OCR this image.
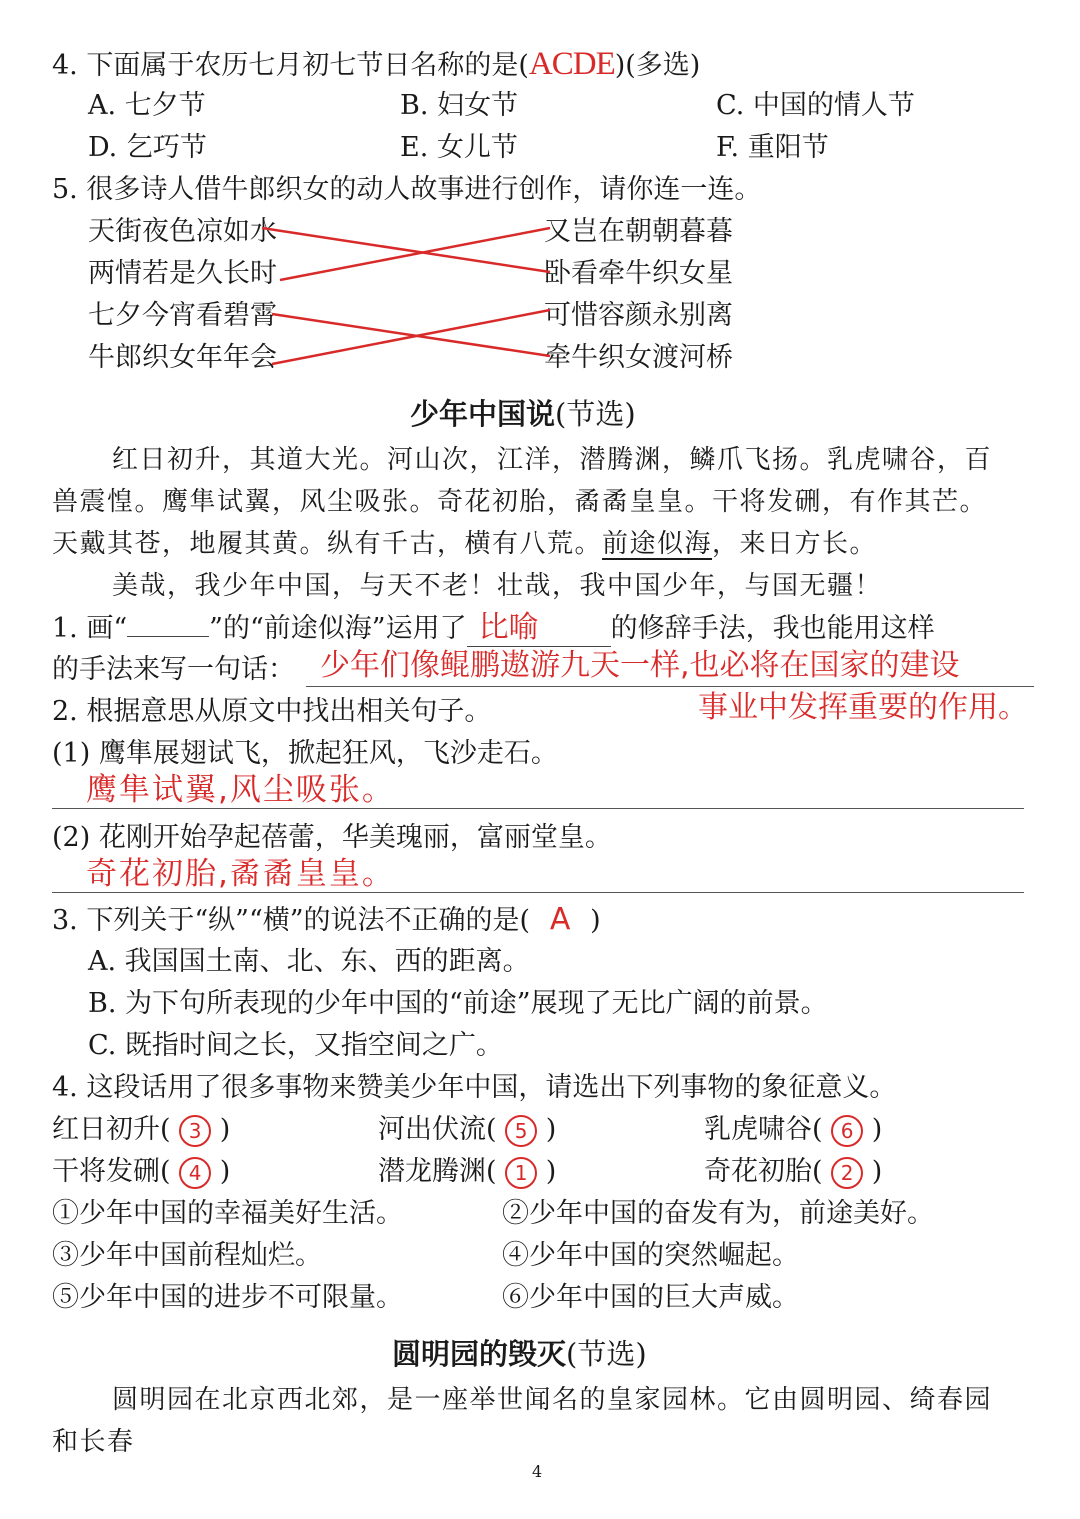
4. 下面属于农历七月初七节日名称的是(ACDE)(多选)
A. 七夕节	B. 妇女节	C. 中国的情人节
D. 乞巧节	E. 女儿节	F. 重阳节
5. 很多诗人借牛郎织女的动人故事进行创作，请你连一连。
天街夜色凉如水
两情若是久长时
七夕今宵看碧霄
牛郎织女年年会
又岂在朝朝暮暮
卧看牵牛织女星
可惜容颜永别离
牵牛织女渡河桥
少年中国说(节选)
红日初升，其道大光。河山次，江洋，潜腾渊，鳞爪飞扬。乳虎啸谷，百
兽震惶。鹰隼试翼，风尘吸张。奇花初胎，矞矞皇皇。干将发硎，有作其芒。
天戴其苍，地履其黄。纵有千古，横有八荒。前途似海，来日方长。
美哉，我少年中国，与天不老！壮哉，我中国少年，与国无疆！
1. 画“	”的“前途似海”运用了 比喻	的修辞手法，我也能用这样
的手法来写一句话： 少年们像鲲鹏遨游九天一样,也必将在国家的建设
2. 根据意思从原文中找出相关句子。	事业中发挥重要的作用。
(1) 鹰隼展翅试飞，掀起狂风，飞沙走石。
鹰隼试翼,风尘吸张。
(2) 花刚开始孕起蓓蕾，华美瑰丽，富丽堂皇。
奇花初胎,矞矞皇皇。
3. 下列关于“纵”“横”的说法不正确的是( A )
A. 我国国土南、北、东、西的距离。
B. 为下句所表现的少年中国的“前途”展现了无比广阔的前景。
C. 既指时间之长，又指空间之广。
4. 这段话用了很多事物来赞美少年中国，请选出下列事物的象征意义。
红日初升( 3 )	河出伏流( 5 )	乳虎啸谷( 6 )
干将发硎( 4 )	潜龙腾渊( 1 )	奇花初胎( 2 )
①少年中国的幸福美好生活。	②少年中国的奋发有为，前途美好。
③少年中国前程灿烂。	④少年中国的突然崛起。
⑤少年中国的进步不可限量。	⑥少年中国的巨大声威。
圆明园的毁灭(节选)
圆明园在北京西北郊，是一座举世闻名的皇家园林。它由圆明园、绮春园
和长春
4
